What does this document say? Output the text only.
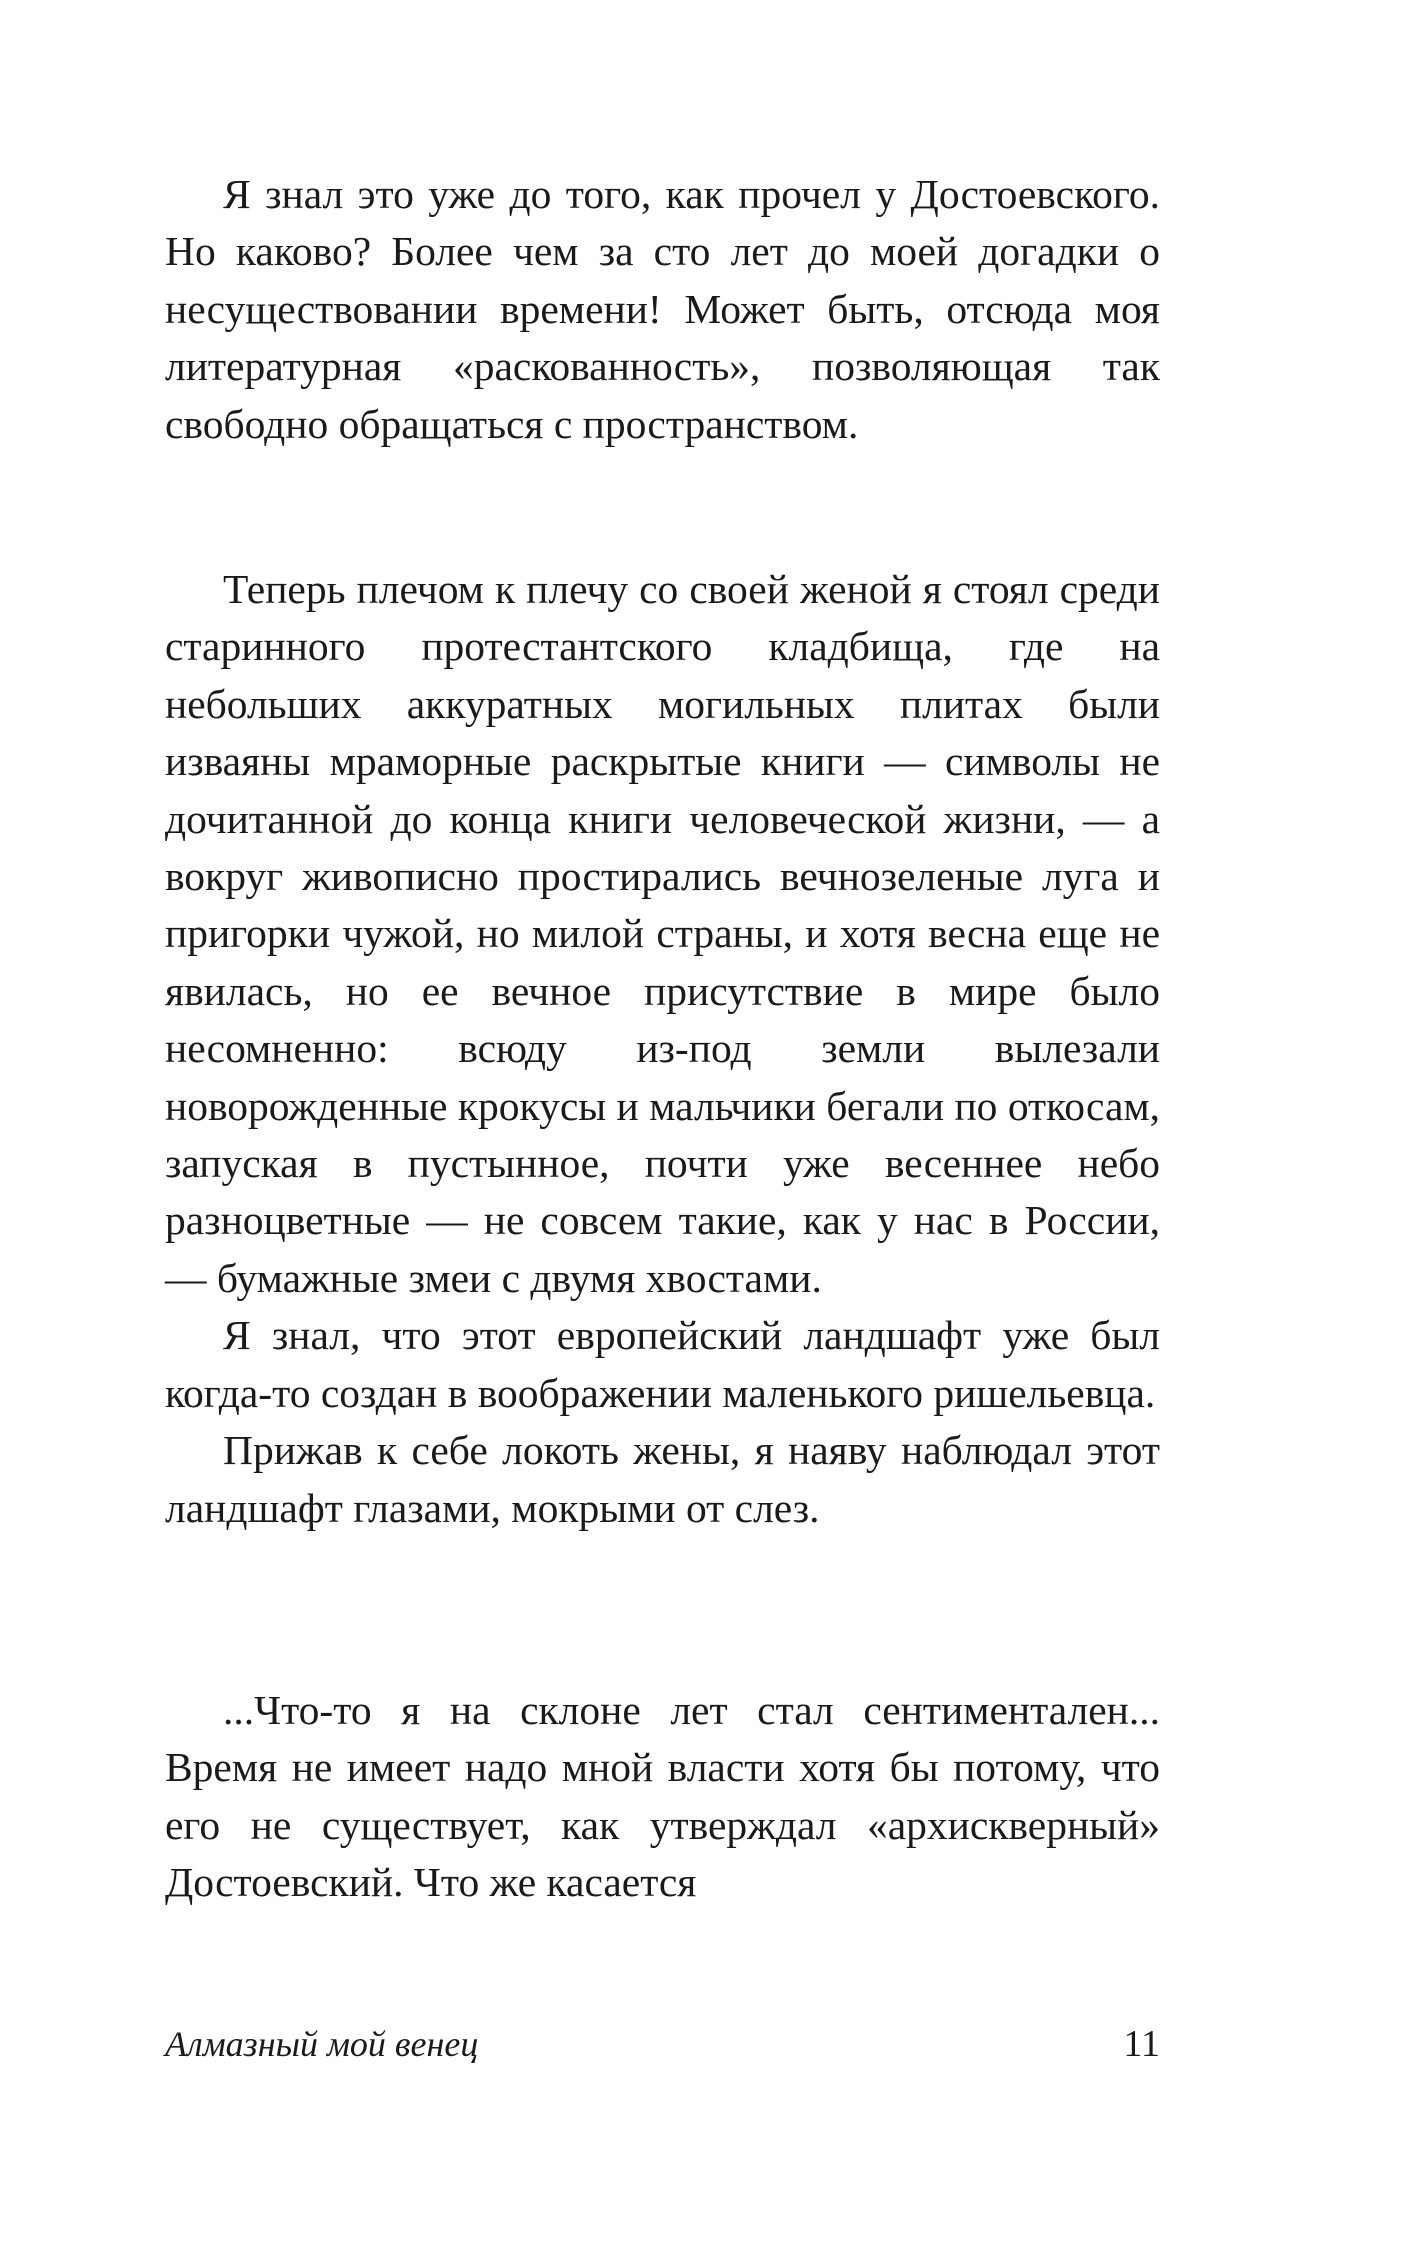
Я знал это уже до того, как прочел у Достоевского. Но каково? Более чем за сто лет до моей догадки о несуществовании времени! Может быть, отсюда моя литературная «раскованность», позволяющая так свободно обращаться с пространством.

Теперь плечом к плечу со своей женой я стоял среди старинного протестантского кладбища, где на небольших аккуратных могильных плитах были изваяны мраморные раскрытые книги — символы не дочитанной до конца книги человеческой жизни, — а вокруг живописно простирались вечнозеленые луга и пригорки чужой, но милой страны, и хотя весна еще не явилась, но ее вечное присутствие в мире было несомненно: всюду из-под земли вылезали новорожденные крокусы и мальчики бегали по откосам, запуская в пустынное, почти уже весеннее небо разноцветные — не совсем такие, как у нас в России, — бумажные змеи с двумя хвостами.

Я знал, что этот европейский ландшафт уже был когда-то создан в воображении маленького ришельевца.

Прижав к себе локоть жены, я наяву наблюдал этот ландшафт глазами, мокрыми от слез.

...Что-то я на склоне лет стал сентиментален... Время не имеет надо мной власти хотя бы потому, что его не существует, как утверждал «архискверный» Достоевский. Что же касается

Алмазный мой венец	11
